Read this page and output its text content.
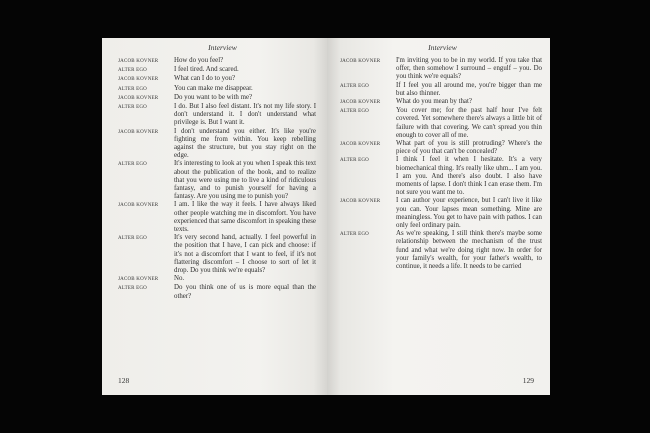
Interview
JACOB KOVNER	How do you feel?
ALTER EGO	I feel tired. And scared.
JACOB KOVNER	What can I do to you?
ALTER EGO	You can make me disappear.
JACOB KOVNER	Do you want to be with me?
ALTER EGO	I do. But I also feel distant. It's not my life story. I don't understand it. I don't understand what privilege is. But I want it.
JACOB KOVNER	I don't understand you either. It's like you're fighting me from within. You keep rebelling against the structure, but you stay right on the edge.
ALTER EGO	It's interesting to look at you when I speak this text about the publication of the book, and to realize that you were using me to live a kind of ridiculous fantasy, and to punish yourself for having a fantasy. Are you using me to punish you?
JACOB KOVNER	I am. I like the way it feels. I have always liked other people watching me in discomfort. You have experienced that same discomfort in speaking these texts.
ALTER EGO	It's very second hand, actually. I feel powerful in the position that I have, I can pick and choose: if it's not a discomfort that I want to feel, if it's not flattering discomfort – I choose to sort of let it drop. Do you think we're equals?
JACOB KOVNER	No.
ALTER EGO	Do you think one of us is more equal than the other?
128
Interview
JACOB KOVNER	I'm inviting you to be in my world. If you take that offer, then somehow I surround – engulf – you. Do you think we're equals?
ALTER EGO	If I feel you all around me, you're bigger than me but also thinner.
JACOB KOVNER	What do you mean by that?
ALTER EGO	You cover me; for the past half hour I've felt covered. Yet somewhere there's always a little bit of failure with that covering. We can't spread you thin enough to cover all of me.
JACOB KOVNER	What part of you is still protruding? Where's the piece of you that can't be concealed?
ALTER EGO	I think I feel it when I hesitate. It's a very biomechanical thing. It's really like uhm... I am you. I am you. And there's also doubt. I also have moments of lapse. I don't think I can erase them. I'm not sure you want me to.
JACOB KOVNER	I can author your experience, but I can't live it like you can. Your lapses mean something. Mine are meaningless. You get to have pain with pathos. I can only feel ordinary pain.
ALTER EGO	As we're speaking, I still think there's maybe some relationship between the mechanism of the trust fund and what we're doing right now. In order for your family's wealth, for your father's wealth, to continue, it needs a life. It needs to be carried
129
